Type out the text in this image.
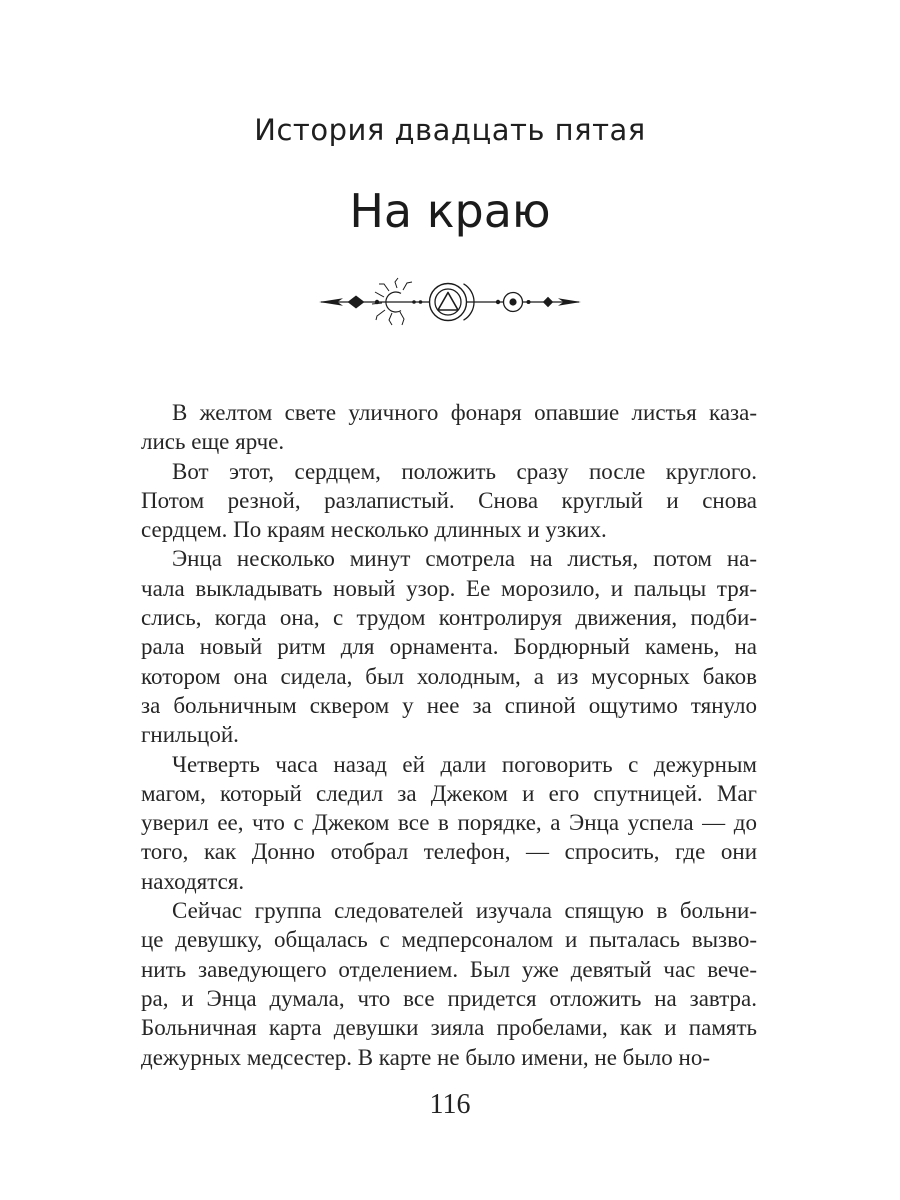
История двадцать пятая
На краю
В желтом свете уличного фонаря опавшие листья каза-
лись еще ярче.
Вот этот, сердцем, положить сразу после круглого.
Потом резной, разлапистый. Снова круглый и снова
сердцем. По краям несколько длинных и узких.
Энца несколько минут смотрела на листья, потом на-
чала выкладывать новый узор. Ее морозило, и пальцы тря-
слись, когда она, с трудом контролируя движения, подби-
рала новый ритм для орнамента. Бордюрный камень, на
котором она сидела, был холодным, а из мусорных баков
за больничным сквером у нее за спиной ощутимо тянуло
гнильцой.
Четверть часа назад ей дали поговорить с дежурным
магом, который следил за Джеком и его спутницей. Маг
уверил ее, что с Джеком все в порядке, а Энца успела — до
того, как Донно отобрал телефон, — спросить, где они
находятся.
Сейчас группа следователей изучала спящую в больни-
це девушку, общалась с медперсоналом и пыталась вызво-
нить заведующего отделением. Был уже девятый час вече-
ра, и Энца думала, что все придется отложить на завтра.
Больничная карта девушки зияла пробелами, как и память
дежурных медсестер. В карте не было имени, не было но-
116
